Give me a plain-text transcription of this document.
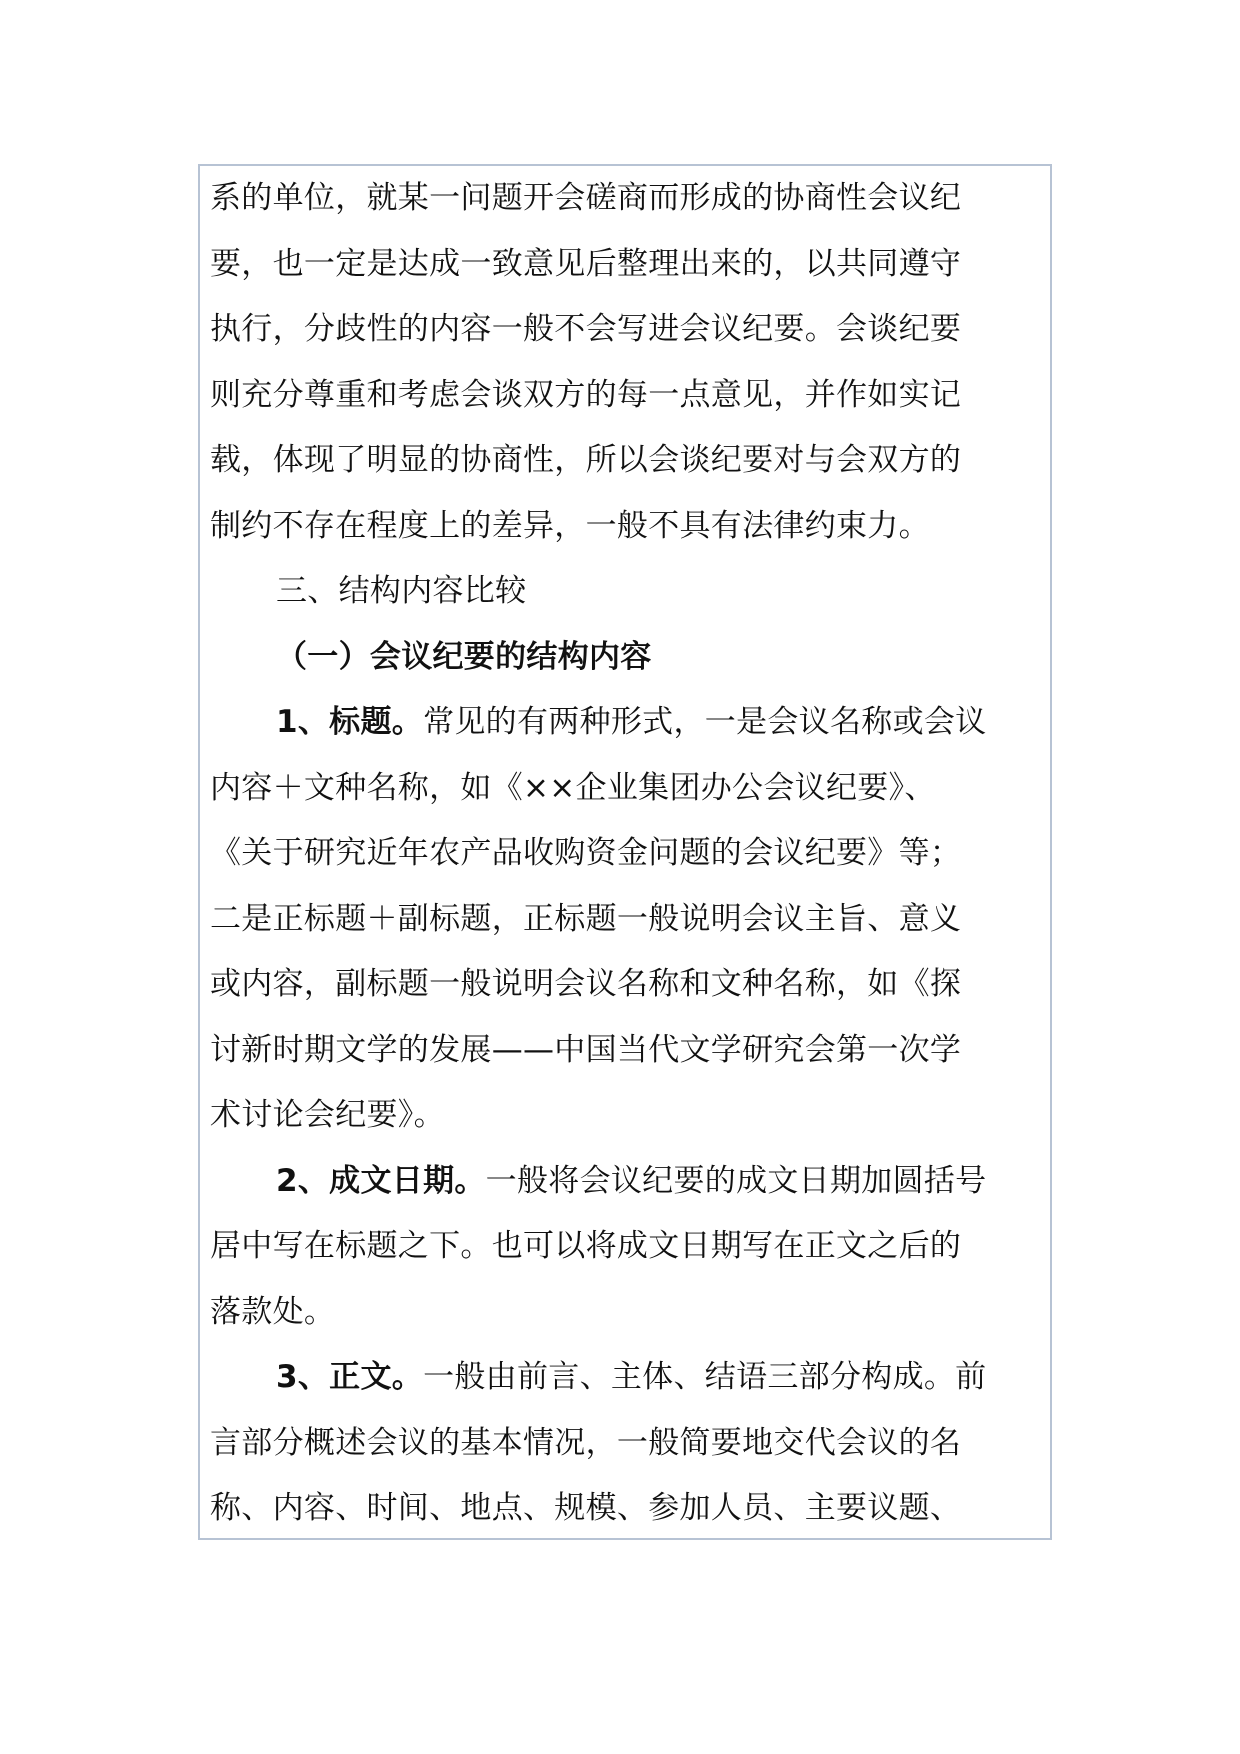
系的单位，就某一问题开会磋商而形成的协商性会议纪
要，也一定是达成一致意见后整理出来的，以共同遵守
执行，分歧性的内容一般不会写进会议纪要。会谈纪要
则充分尊重和考虑会谈双方的每一点意见，并作如实记
载，体现了明显的协商性，所以会谈纪要对与会双方的
制约不存在程度上的差异，一般不具有法律约束力。
三、结构内容比较
（一）会议纪要的结构内容
1、标题。常见的有两种形式，一是会议名称或会议
内容＋文种名称，如《××企业集团办公会议纪要》、
《关于研究近年农产品收购资金问题的会议纪要》等；
二是正标题＋副标题，正标题一般说明会议主旨、意义
或内容，副标题一般说明会议名称和文种名称，如《探
讨新时期文学的发展——中国当代文学研究会第一次学
术讨论会纪要》。
2、成文日期。一般将会议纪要的成文日期加圆括号
居中写在标题之下。也可以将成文日期写在正文之后的
落款处。
3、正文。一般由前言、主体、结语三部分构成。前
言部分概述会议的基本情况，一般简要地交代会议的名
称、内容、时间、地点、规模、参加人员、主要议题、
